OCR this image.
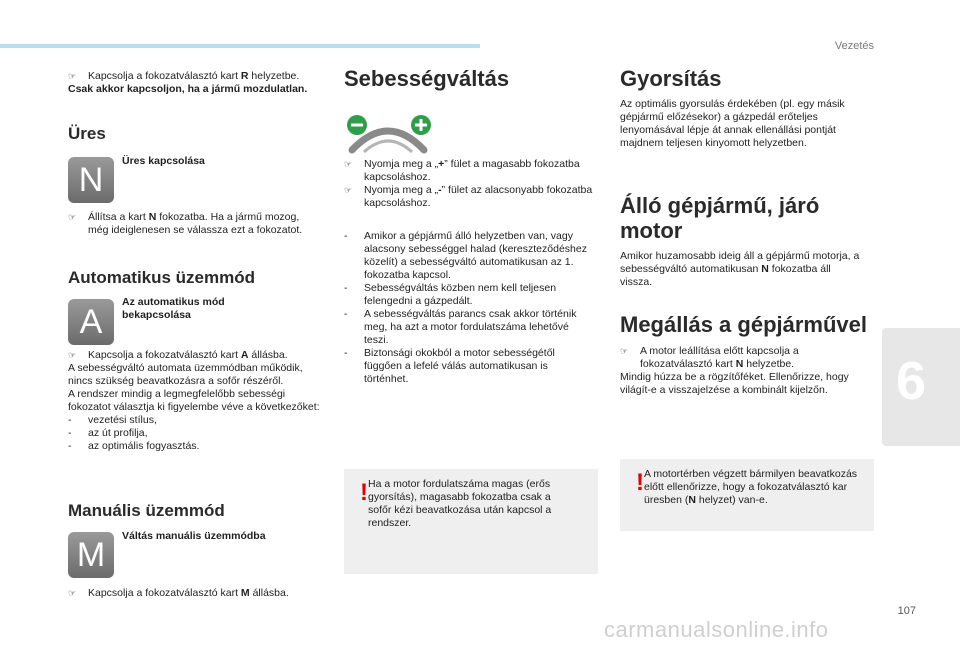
Vezetés
6
107
carmanualsonline.info

☞ Kapcsolja a fokozatválasztó kart R helyzetbe.

Csak akkor kapcsoljon, ha a jármű mozdulatlan.

Üres
N	Üres kapcsolása

☞ Állítsa a kart N fokozatba. Ha a jármű mozog, még ideiglenesen se válassza ezt a fokozatot.

Automatikus üzemmód
A
Az automatikus mód bekapcsolása

☞ Kapcsolja a fokozatválasztó kart A állásba.

A sebességváltó automata üzemmódban működik, nincs szükség beavatkozásra a sofőr részéről.

A rendszer mindig a legmegfelelőbb sebességi fokozatot választja ki figyelembe véve a következőket:

- vezetési stílus,

- az út profilja,

- az optimális fogyasztás.

Manuális üzemmód
M	Váltás manuális üzemmódba

☞ Kapcsolja a fokozatválasztó kart M állásba.

Sebességváltás

☞ Nyomja meg a „+” fület a magasabb fokozatba kapcsoláshoz.

☞ Nyomja meg a „-” fület az alacsonyabb fokozatba kapcsoláshoz.

- Amikor a gépjármű álló helyzetben van, vagy alacsony sebességgel halad (kereszteződéshez közelít) a sebességváltó automatikusan az 1. fokozatba kapcsol.

- Sebességváltás közben nem kell teljesen felengedni a gázpedált.

- A sebességváltás parancs csak akkor történik meg, ha azt a motor fordulatszáma lehetővé teszi.

- Biztonsági okokból a motor sebességétől függően a lefelé válás automatikusan is történhet.

! Ha a motor fordulatszáma magas (erős gyorsítás), magasabb fokozatba csak a sofőr kézi beavatkozása után kapcsol a rendszer.
Gyorsítás

Az optimális gyorsulás érdekében (pl. egy másik gépjármű előzésekor) a gázpedál erőteljes lenyomásával lépje át annak ellenállási pontját majdnem teljesen kinyomott helyzetben.

Álló gépjármű, járó motor

Amikor huzamosabb ideig áll a gépjármű motorja, a sebességváltó automatikusan N fokozatba áll vissza.

Megállás a gépjárművel

☞ A motor leállítása előtt kapcsolja a fokozatválasztó kart N helyzetbe.

Mindig húzza be a rögzítőféket. Ellenőrizze, hogy világít-e a visszajelzése a kombinált kijelzőn.

! A motortérben végzett bármilyen beavatkozás előtt ellenőrizze, hogy a fokozatválasztó kar üresben (N helyzet) van-e.
